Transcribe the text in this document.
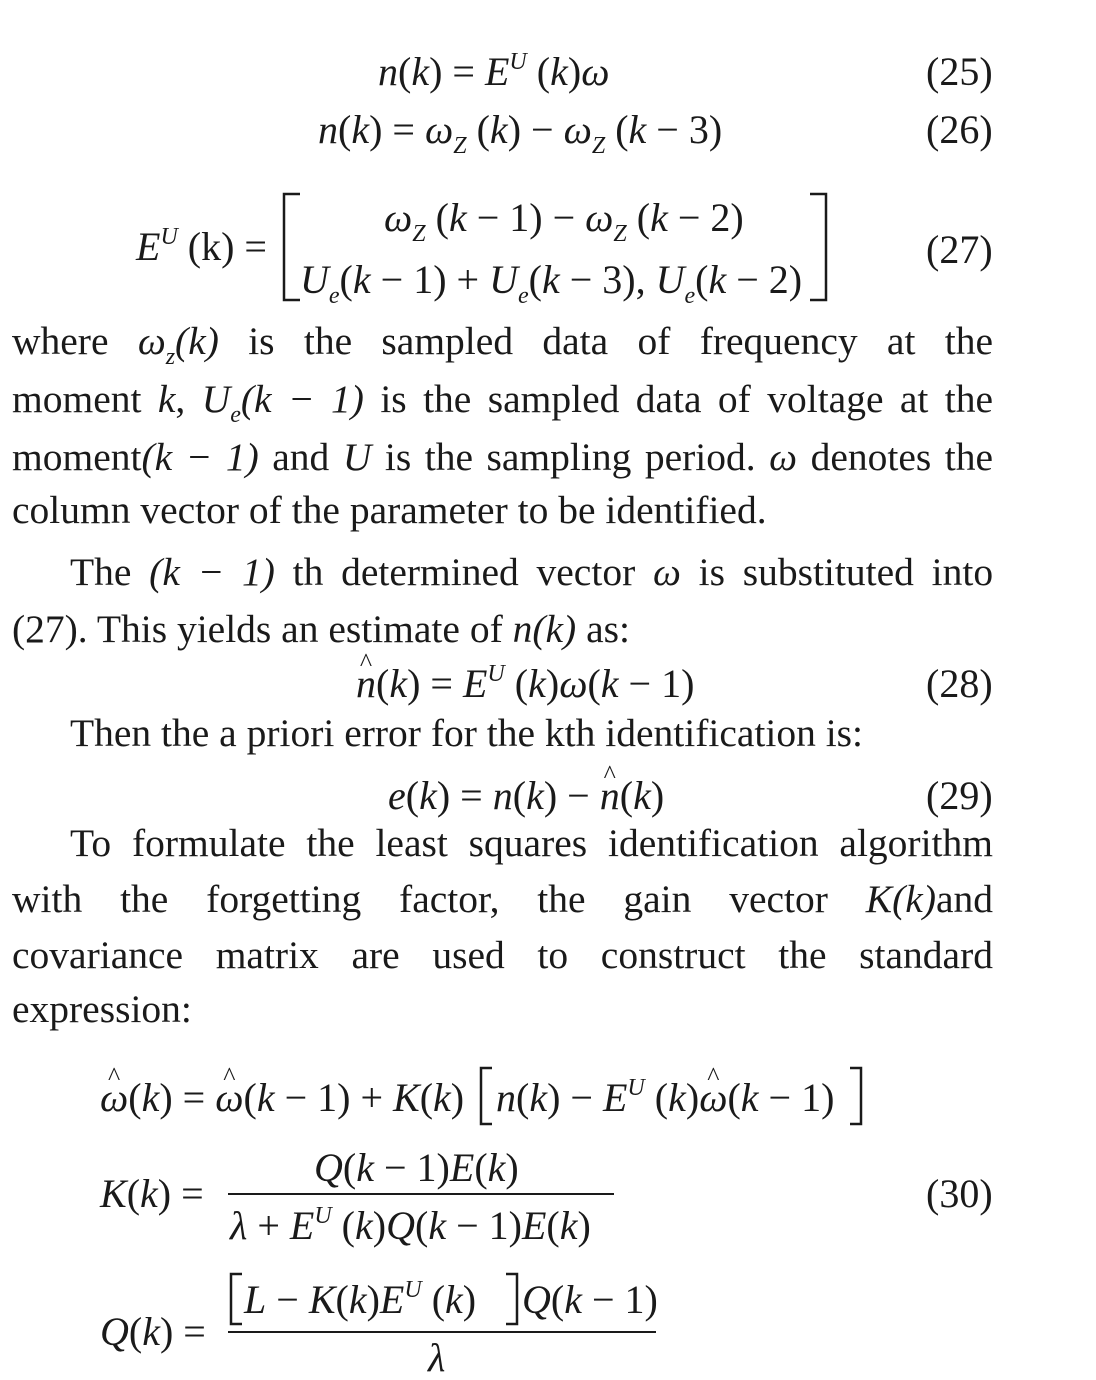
$n(k) = E^U$ (k)ω	(25)
$n(k) = \omega_Z$ $(k) - \omega_Z$ (k − 3)	(26)
$E^U$ (k) =
$\omega_Z$ $(k - 1) - \omega_Z$ (k − 2)
$U_e(k - 1) + U_e(k - 3)$, $U_e(k - 2)$
(27)
where $\omega_z(k)$ is the sampled data of frequency at the
moment k, $U_e(k - 1)$ is the sampled data of voltage at the
moment(k − 1) and U is the sampling period. ω denotes the
column vector of the parameter to be identified.
The (k − 1) th determined vector ω is substituted into
(27). This yields an estimate of n(k) as:
n ^(k) = $E^U$ (k)ω(k − 1)	(28)
Then the a priori error for the kth identification is:
e(k) = n(k) − n ^(k)	(29)
To formulate the least squares identification algorithm
with the forgetting factor, the gain vector K(k)and
covariance matrix are used to construct the standard
expression:
ω ^(k) = ω ^(k − 1) + K(k) $n(k) - E^U$ (k)ω ^(k − 1)
K(k) =
Q(k − 1)E(k)
$\lambda + E^U$ (k)Q(k − 1)E(k)
(30)
Q(k) =
$L - K(k)E^U$ (k) Q(k − 1)
λ
